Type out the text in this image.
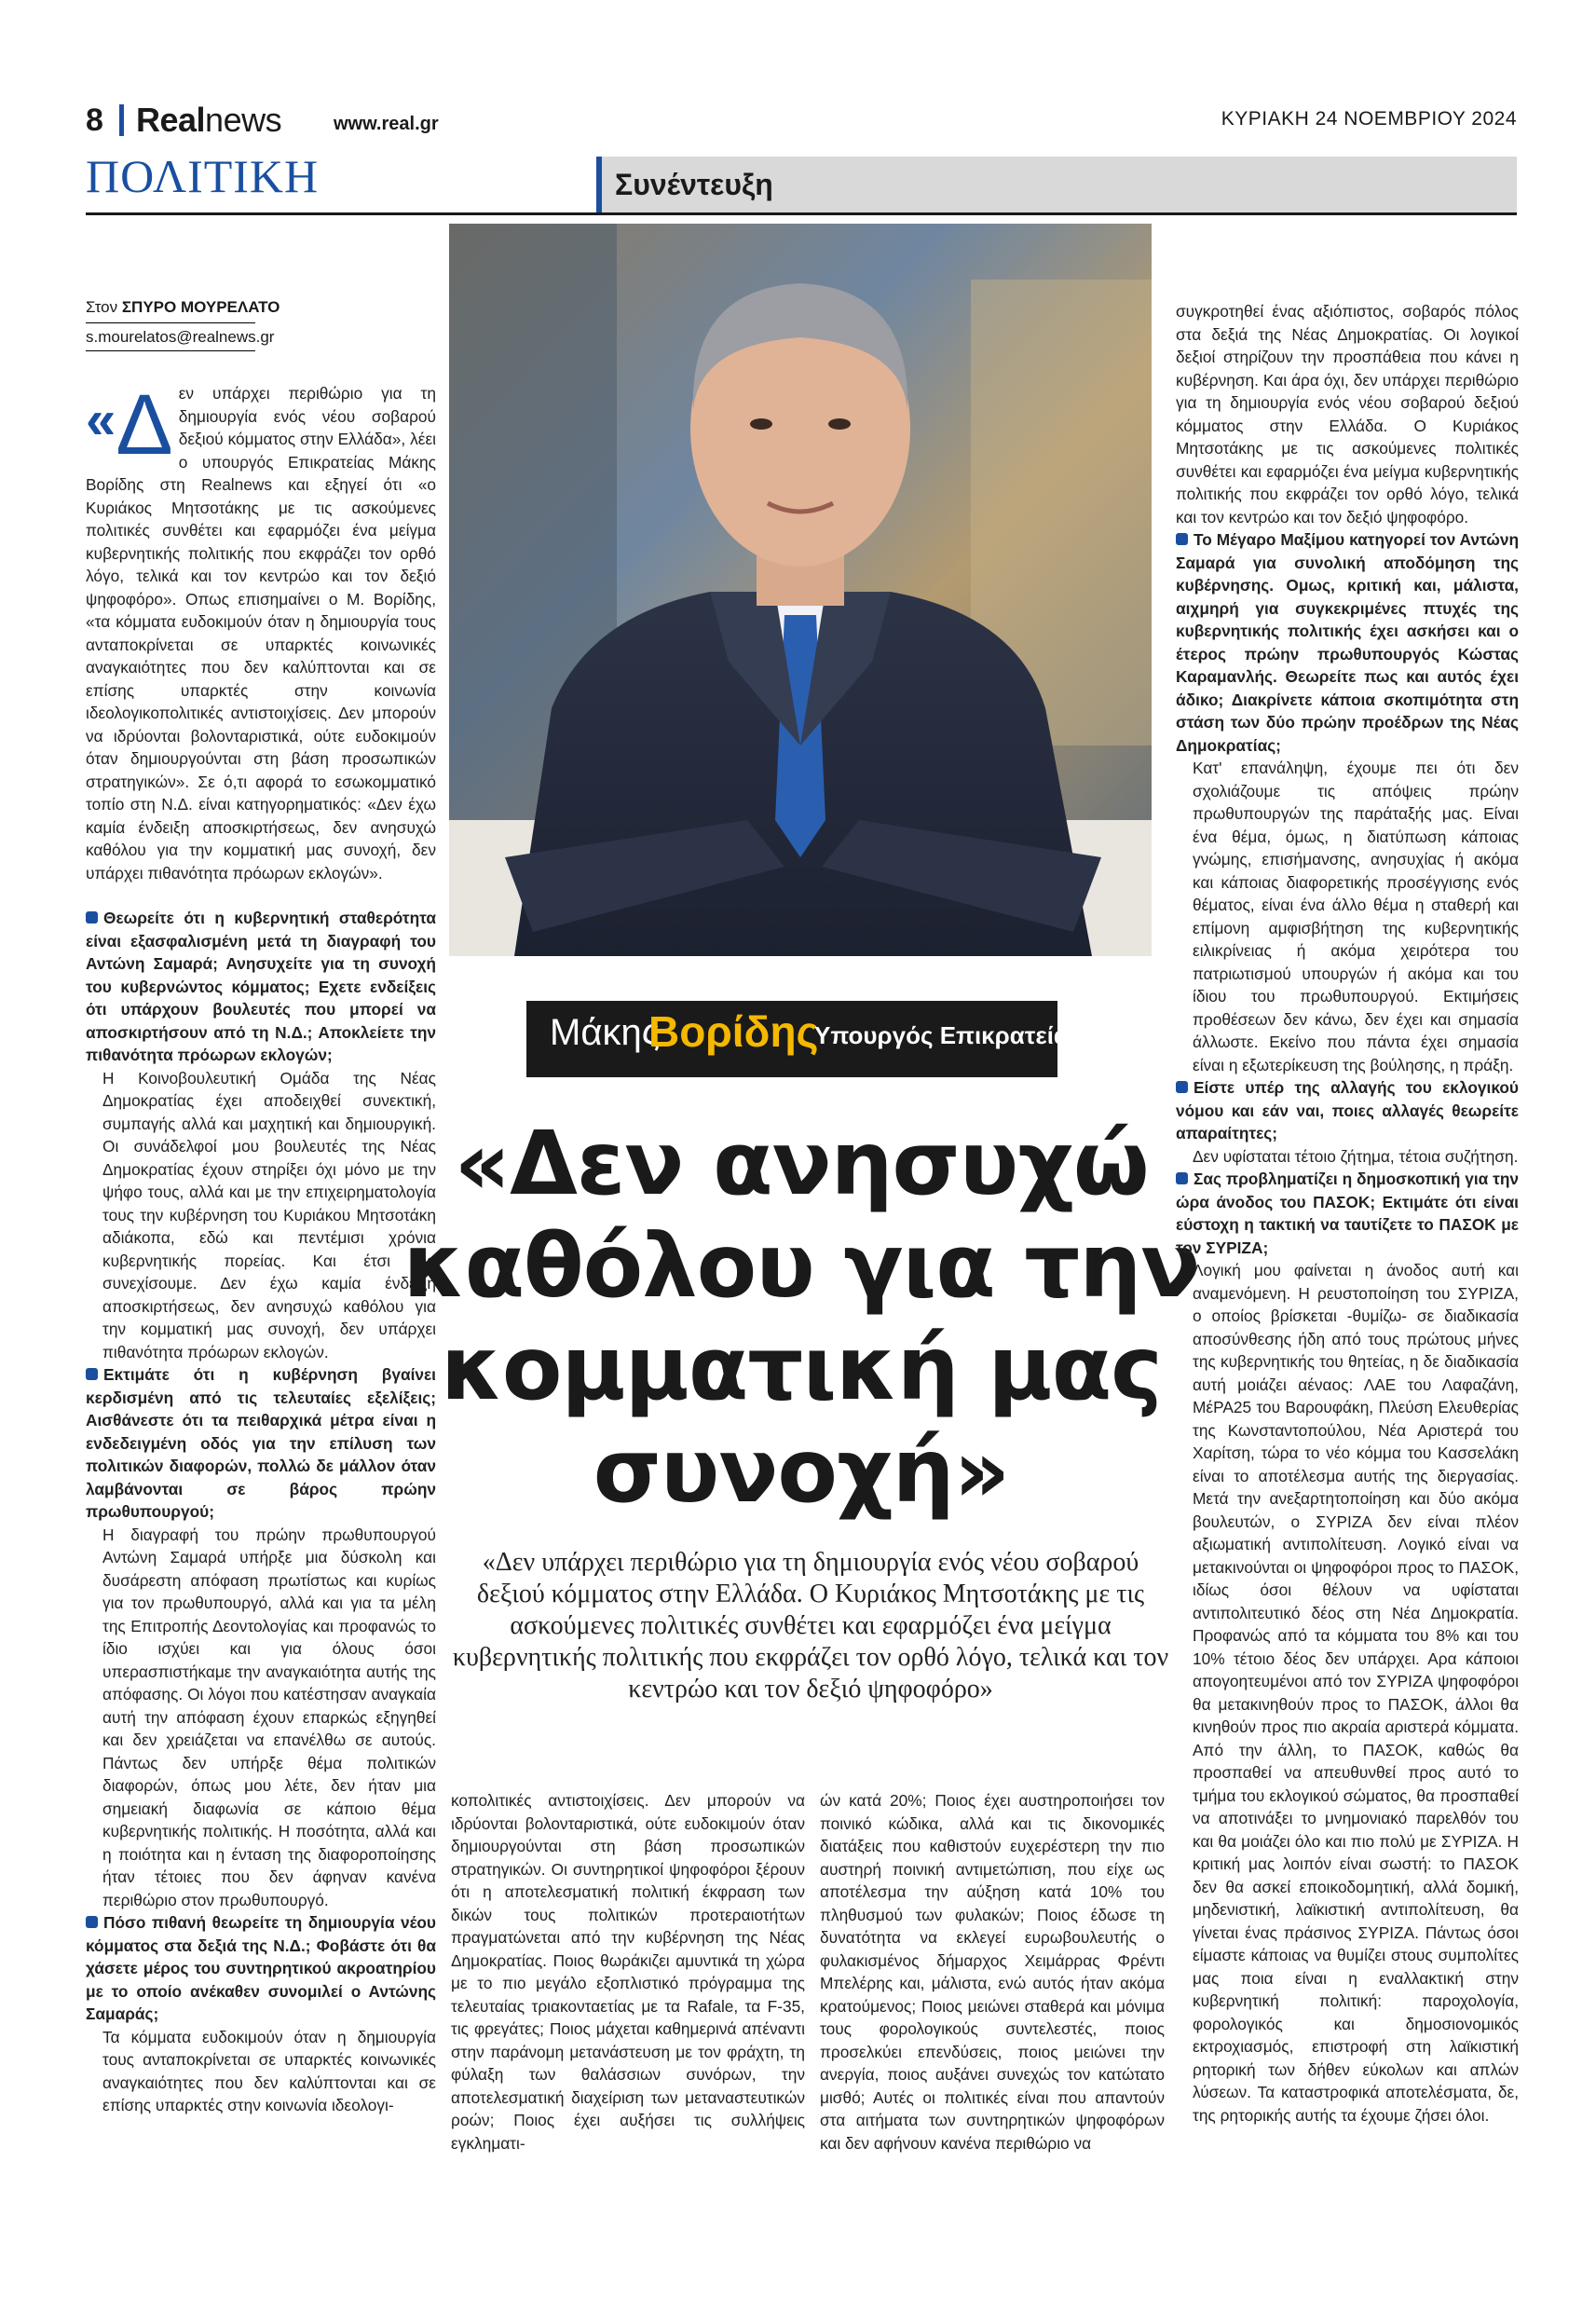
8 Realnews	www.real.gr	ΚΥΡΙΑΚΗ 24 ΝΟΕΜΒΡΙΟΥ 2024
ΠΟΛΙΤΙΚΗ	Συνέντευξη
Στον ΣΠΥΡΟ ΜΟΥΡΕΛΑΤΟ
s.mourelatos@realnews.gr

« Δ εν υπάρχει περιθώριο για τη δημιουργία ενός νέου σοβαρού δεξιού κόμματος στην Ελλάδα», λέει ο υπουργός Επικρατείας Μάκης Βορίδης στη Realnews και εξηγεί ότι «ο Κυριάκος Μητσοτάκης με τις ασκούμενες πολιτικές συνθέτει και εφαρμόζει ένα μείγμα κυβερνητικής πολιτικής που εκφράζει τον ορθό λόγο, τελικά και τον κεντρώο και τον δεξιό ψηφοφόρο». Οπως επισημαίνει ο Μ. Βορίδης, «τα κόμματα ευδοκιμούν όταν η δημιουργία τους ανταποκρίνεται σε υπαρκτές κοινωνικές αναγκαιότητες που δεν καλύπτονται και σε επίσης υπαρκτές στην κοινωνία ιδεολογικοπολιτικές αντιστοιχίσεις. Δεν μπορούν να ιδρύονται βολονταριστικά, ούτε ευδοκιμούν όταν δημιουργούνται στη βάση προσωπικών στρατηγικών». Σε ό,τι αφορά το εσωκομματικό τοπίο στη Ν.Δ. είναι κατηγορηματικός: «Δεν έχω καμία ένδειξη αποσκιρτήσεως, δεν ανησυχώ καθόλου για την κομματική μας συνοχή, δεν υπάρχει πιθανότητα πρόωρων εκλογών».

Θεωρείτε ότι η κυβερνητική σταθερότητα είναι εξασφαλισμένη μετά τη διαγραφή του Αντώνη Σαμαρά; Ανησυχείτε για τη συνοχή του κυβερνώντος κόμματος; Εχετε ενδείξεις ότι υπάρχουν βουλευτές που μπορεί να αποσκιρτήσουν από τη Ν.Δ.; Αποκλείετε την πιθανότητα πρόωρων εκλογών;

Η Κοινοβουλευτική Ομάδα της Νέας Δημοκρατίας έχει αποδειχθεί συνεκτική, συμπαγής αλλά και μαχητική και δημιουργική. Οι συνάδελφοί μου βουλευτές της Νέας Δημοκρατίας έχουν στηρίξει όχι μόνο με την ψήφο τους, αλλά και με την επιχειρηματολογία τους την κυβέρνηση του Κυριάκου Μητσοτάκη αδιάκοπα, εδώ και πεντέμισι χρόνια κυβερνητικής πορείας. Και έτσι θα συνεχίσουμε. Δεν έχω καμία ένδειξη αποσκιρτήσεως, δεν ανησυχώ καθόλου για την κομματική μας συνοχή, δεν υπάρχει πιθανότητα πρόωρων εκλογών.

Εκτιμάτε ότι η κυβέρνηση βγαίνει κερδισμένη από τις τελευταίες εξελίξεις; Αισθάνεστε ότι τα πειθαρχικά μέτρα είναι η ενδεδειγμένη οδός για την επίλυση των πολιτικών διαφορών, πολλώ δε μάλλον όταν λαμβάνονται σε βάρος πρώην πρωθυπουργού;

Η διαγραφή του πρώην πρωθυπουργού Αντώνη Σαμαρά υπήρξε μια δύσκολη και δυσάρεστη απόφαση πρωτίστως και κυρίως για τον πρωθυπουργό, αλλά και για τα μέλη της Επιτροπής Δεοντολογίας και προφανώς το ίδιο ισχύει και για όλους όσοι υπερασπιστήκαμε την αναγκαιότητα αυτής της απόφασης. Οι λόγοι που κατέστησαν αναγκαία αυτή την απόφαση έχουν επαρκώς εξηγηθεί και δεν χρειάζεται να επανέλθω σε αυτούς. Πάντως δεν υπήρξε θέμα πολιτικών διαφορών, όπως μου λέτε, δεν ήταν μια σημειακή διαφωνία σε κάποιο θέμα κυβερνητικής πολιτικής. Η ποσότητα, αλλά και η ποιότητα και η ένταση της διαφοροποίησης ήταν τέτοιες που δεν άφηναν κανένα περιθώριο στον πρωθυπουργό.

Πόσο πιθανή θεωρείτε τη δημιουργία νέου κόμματος στα δεξιά της Ν.Δ.; Φοβάστε ότι θα χάσετε μέρος του συντηρητικού ακροατηρίου με το οποίο ανέκαθεν συνομιλεί ο Αντώνης Σαμαράς;

Τα κόμματα ευδοκιμούν όταν η δημιουργία τους ανταποκρίνεται σε υπαρκτές κοινωνικές αναγκαιότητες που δεν καλύπτονται και σε επίσης υπαρκτές στην κοινωνία ιδεολογι-

Μάκης
Βορίδης
Υπουργός Επικρατείας
«Δεν ανησυχώ καθόλου για την κομματική μας συνοχή»
«Δεν υπάρχει περιθώριο για τη δημιουργία ενός νέου σοβαρού δεξιού κόμματος στην Ελλάδα. Ο Κυριάκος Μητσοτάκης με τις ασκούμενες πολιτικές συνθέτει και εφαρμόζει ένα μείγμα κυβερνητικής πολιτικής που εκφράζει τον ορθό λόγο, τελικά και τον κεντρώο και τον δεξιό ψηφοφόρο»

κοπολιτικές αντιστοιχίσεις. Δεν μπορούν να ιδρύονται βολονταριστικά, ούτε ευδοκιμούν όταν δημιουργούνται στη βάση προσωπικών στρατηγικών. Οι συντηρητικοί ψηφοφόροι ξέρουν ότι η αποτελεσματική πολιτική έκφραση των δικών τους πολιτικών προτεραιοτήτων πραγματώνεται από την κυβέρνηση της Νέας Δημοκρατίας. Ποιος θωράκιζει αμυντικά τη χώρα με το πιο μεγάλο εξοπλιστικό πρόγραμμα της τελευταίας τριακονταετίας με τα Rafale, τα F-35, τις φρεγάτες; Ποιος μάχεται καθημερινά απέναντι στην παράνομη μετανάστευση με τον φράχτη, τη φύλαξη των θαλάσσιων συνόρων, την αποτελεσματική διαχείριση των μεταναστευτικών ροών; Ποιος έχει αυξήσει τις συλλήψεις εγκληματι-

ών κατά 20%; Ποιος έχει αυστηροποιήσει τον ποινικό κώδικα, αλλά και τις δικονομικές διατάξεις που καθιστούν ευχερέστερη την πιο αυστηρή ποινική αντιμετώπιση, που είχε ως αποτέλεσμα την αύξηση κατά 10% του πληθυσμού των φυλακών; Ποιος έδωσε τη δυνατότητα να εκλεγεί ευρωβουλευτής ο φυλακισμένος δήμαρχος Χειμάρρας Φρέντι Μπελέρης και, μάλιστα, ενώ αυτός ήταν ακόμα κρατούμενος; Ποιος μειώνει σταθερά και μόνιμα τους φορολογικούς συντελεστές, ποιος προσελκύει επενδύσεις, ποιος μειώνει την ανεργία, ποιος αυξάνει συνεχώς τον κατώτατο μισθό; Αυτές οι πολιτικές είναι που απαντούν στα αιτήματα των συντηρητικών ψηφοφόρων και δεν αφήνουν κανένα περιθώριο να

συγκροτηθεί ένας αξιόπιστος, σοβαρός πόλος στα δεξιά της Νέας Δημοκρατίας. Οι λογικοί δεξιοί στηρίζουν την προσπάθεια που κάνει η κυβέρνηση. Και άρα όχι, δεν υπάρχει περιθώριο για τη δημιουργία ενός νέου σοβαρού δεξιού κόμματος στην Ελλάδα. Ο Κυριάκος Μητσοτάκης με τις ασκούμενες πολιτικές συνθέτει και εφαρμόζει ένα μείγμα κυβερνητικής πολιτικής που εκφράζει τον ορθό λόγο, τελικά και τον κεντρώο και τον δεξιό ψηφοφόρο.

Το Μέγαρο Μαξίμου κατηγορεί τον Αντώνη Σαμαρά για συνολική αποδόμηση της κυβέρνησης. Ομως, κριτική και, μάλιστα, αιχμηρή για συγκεκριμένες πτυχές της κυβερνητικής πολιτικής έχει ασκήσει και ο έτερος πρώην πρωθυπουργός Κώστας Καραμανλής. Θεωρείτε πως και αυτός έχει άδικο; Διακρίνετε κάποια σκοπιμότητα στη στάση των δύο πρώην προέδρων της Νέας Δημοκρατίας;

Κατ' επανάληψη, έχουμε πει ότι δεν σχολιάζουμε τις απόψεις πρώην πρωθυπουργών της παράταξής μας. Είναι ένα θέμα, όμως, η διατύπωση κάποιας γνώμης, επισήμανσης, ανησυχίας ή ακόμα και κάποιας διαφορετικής προσέγγισης ενός θέματος, είναι ένα άλλο θέμα η σταθερή και επίμονη αμφισβήτηση της κυβερνητικής ειλικρίνειας ή ακόμα χειρότερα του πατριωτισμού υπουργών ή ακόμα και του ίδιου του πρωθυπουργού. Εκτιμήσεις προθέσεων δεν κάνω, δεν έχει και σημασία άλλωστε. Εκείνο που πάντα έχει σημασία είναι η εξωτερίκευση της βούλησης, η πράξη.

Είστε υπέρ της αλλαγής του εκλογικού νόμου και εάν ναι, ποιες αλλαγές θεωρείτε απαραίτητες;

Δεν υφίσταται τέτοιο ζήτημα, τέτοια συζήτηση.

Σας προβληματίζει η δημοσκοπική για την ώρα άνοδος του ΠΑΣΟΚ; Εκτιμάτε ότι είναι εύστοχη η τακτική να ταυτίζετε το ΠΑΣΟΚ με τον ΣΥΡΙΖΑ;

Λογική μου φαίνεται η άνοδος αυτή και αναμενόμενη. Η ρευστοποίηση του ΣΥΡΙΖΑ, ο οποίος βρίσκεται -θυμίζω- σε διαδικασία αποσύνθεσης ήδη από τους πρώτους μήνες της κυβερνητικής του θητείας, η δε διαδικασία αυτή μοιάζει αέναος: ΛΑΕ του Λαφαζάνη, ΜέΡΑ25 του Βαρουφάκη, Πλεύση Ελευθερίας της Κωνσταντοπούλου, Νέα Αριστερά του Χαρίτση, τώρα το νέο κόμμα του Κασσελάκη είναι το αποτέλεσμα αυτής της διεργασίας. Μετά την ανεξαρτητοποίηση και δύο ακόμα βουλευτών, ο ΣΥΡΙΖΑ δεν είναι πλέον αξιωματική αντιπολίτευση. Λογικό είναι να μετακινούνται οι ψηφοφόροι προς το ΠΑΣΟΚ, ιδίως όσοι θέλουν να υφίσταται αντιπολιτευτικό δέος στη Νέα Δημοκρατία. Προφανώς από τα κόμματα του 8% και του 10% τέτοιο δέος δεν υπάρχει. Αρα κάποιοι απογοητευμένοι από τον ΣΥΡΙΖΑ ψηφοφόροι θα μετακινηθούν προς το ΠΑΣΟΚ, άλλοι θα κινηθούν προς πιο ακραία αριστερά κόμματα. Από την άλλη, το ΠΑΣΟΚ, καθώς θα προσπαθεί να απευθυνθεί προς αυτό το τμήμα του εκλογικού σώματος, θα προσπαθεί να αποτινάξει το μνημονιακό παρελθόν του και θα μοιάζει όλο και πιο πολύ με ΣΥΡΙΖΑ. Η κριτική μας λοιπόν είναι σωστή: το ΠΑΣΟΚ δεν θα ασκεί εποικοδομητική, αλλά δομική, μηδενιστική, λαϊκιστική αντιπολίτευση, θα γίνεται ένας πράσινος ΣΥΡΙΖΑ. Πάντως όσοι είμαστε κάποιας να θυμίζει στους συμπολίτες μας ποια είναι η εναλλακτική στην κυβερνητική πολιτική: παροχολογία, φορολογικός και δημοσιονομικός εκτροχιασμός, επιστροφή στη λαϊκιστική ρητορική των δήθεν εύκολων και απλών λύσεων. Τα καταστροφικά αποτελέσματα, δε, της ρητορικής αυτής τα έχουμε ζήσει όλοι.
